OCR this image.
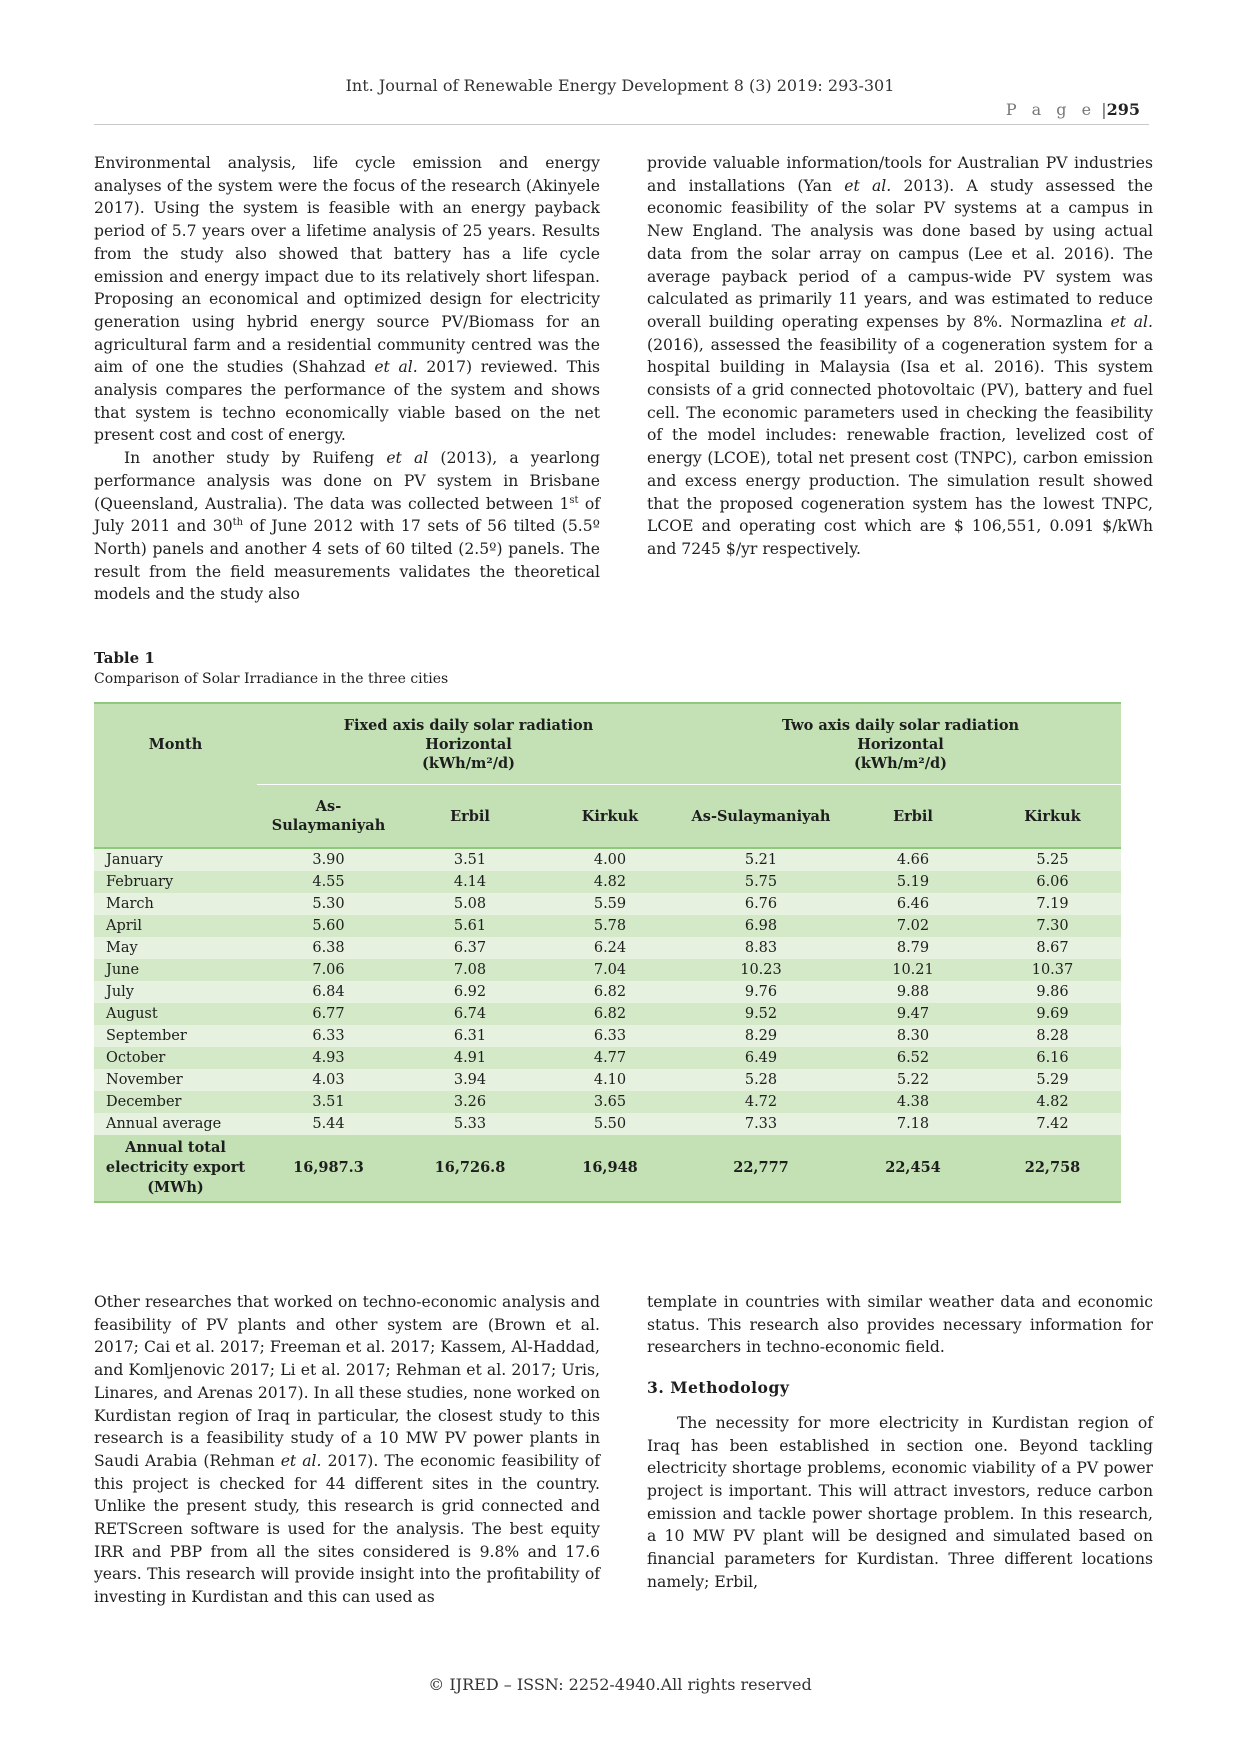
Int. Journal of Renewable Energy Development 8 (3) 2019: 293-301
P a g e |295

Environmental analysis, life cycle emission and energy analyses of the system were the focus of the research (Akinyele 2017). Using the system is feasible with an energy payback period of 5.7 years over a lifetime analysis of 25 years. Results from the study also showed that battery has a life cycle emission and energy impact due to its relatively short lifespan. Proposing an economical and optimized design for electricity generation using hybrid energy source PV/Biomass for an agricultural farm and a residential community centred was the aim of one the studies (Shahzad et al. 2017) reviewed. This analysis compares the performance of the system and shows that system is techno economically viable based on the net present cost and cost of energy.

In another study by Ruifeng et al (2013), a yearlong performance analysis was done on PV system in Brisbane (Queensland, Australia). The data was collected between 1st of July 2011 and 30th of June 2012 with 17 sets of 56 tilted (5.5º North) panels and another 4 sets of 60 tilted (2.5º) panels. The result from the field measurements validates the theoretical models and the study also

provide valuable information/tools for Australian PV industries and installations (Yan et al. 2013). A study assessed the economic feasibility of the solar PV systems at a campus in New England. The analysis was done based by using actual data from the solar array on campus (Lee et al. 2016). The average payback period of a campus-wide PV system was calculated as primarily 11 years, and was estimated to reduce overall building operating expenses by 8%. Normazlina et al. (2016), assessed the feasibility of a cogeneration system for a hospital building in Malaysia (Isa et al. 2016). This system consists of a grid connected photovoltaic (PV), battery and fuel cell. The economic parameters used in checking the feasibility of the model includes: renewable fraction, levelized cost of energy (LCOE), total net present cost (TNPC), carbon emission and excess energy production. The simulation result showed that the proposed cogeneration system has the lowest TNPC, LCOE and operating cost which are $ 106,551, 0.091 $/kWh and 7245 $/yr respectively.

Table 1
Comparison of Solar Irradiance in the three cities
Month	Fixed axis daily solar radiation
Horizontal
(kWh/m²/d)			Two axis daily solar radiation
Horizontal
(kWh/m²/d)		
	As-Sulaymaniyah	Erbil	Kirkuk	As-Sulaymaniyah	Erbil	Kirkuk
January	3.90	3.51	4.00	5.21	4.66	5.25
February	4.55	4.14	4.82	5.75	5.19	6.06
March	5.30	5.08	5.59	6.76	6.46	7.19
April	5.60	5.61	5.78	6.98	7.02	7.30
May	6.38	6.37	6.24	8.83	8.79	8.67
June	7.06	7.08	7.04	10.23	10.21	10.37
July	6.84	6.92	6.82	9.76	9.88	9.86
August	6.77	6.74	6.82	9.52	9.47	9.69
September	6.33	6.31	6.33	8.29	8.30	8.28
October	4.93	4.91	4.77	6.49	6.52	6.16
November	4.03	3.94	4.10	5.28	5.22	5.29
December	3.51	3.26	3.65	4.72	4.38	4.82
Annual average	5.44	5.33	5.50	7.33	7.18	7.42
Annual total electricity export (MWh)	16,987.3	16,726.8	16,948	22,777	22,454	22,758

Other researches that worked on techno-economic analysis and feasibility of PV plants and other system are (Brown et al. 2017; Cai et al. 2017; Freeman et al. 2017; Kassem, Al-Haddad, and Komljenovic 2017; Li et al. 2017; Rehman et al. 2017; Uris, Linares, and Arenas 2017). In all these studies, none worked on Kurdistan region of Iraq in particular, the closest study to this research is a feasibility study of a 10 MW PV power plants in Saudi Arabia (Rehman et al. 2017). The economic feasibility of this project is checked for 44 different sites in the country. Unlike the present study, this research is grid connected and RETScreen software is used for the analysis. The best equity IRR and PBP from all the sites considered is 9.8% and 17.6 years. This research will provide insight into the profitability of investing in Kurdistan and this can used as

template in countries with similar weather data and economic status. This research also provides necessary information for researchers in techno-economic field.

3. Methodology

The necessity for more electricity in Kurdistan region of Iraq has been established in section one. Beyond tackling electricity shortage problems, economic viability of a PV power project is important. This will attract investors, reduce carbon emission and tackle power shortage problem. In this research, a 10 MW PV plant will be designed and simulated based on financial parameters for Kurdistan. Three different locations namely; Erbil,

© IJRED – ISSN: 2252-4940.All rights reserved
